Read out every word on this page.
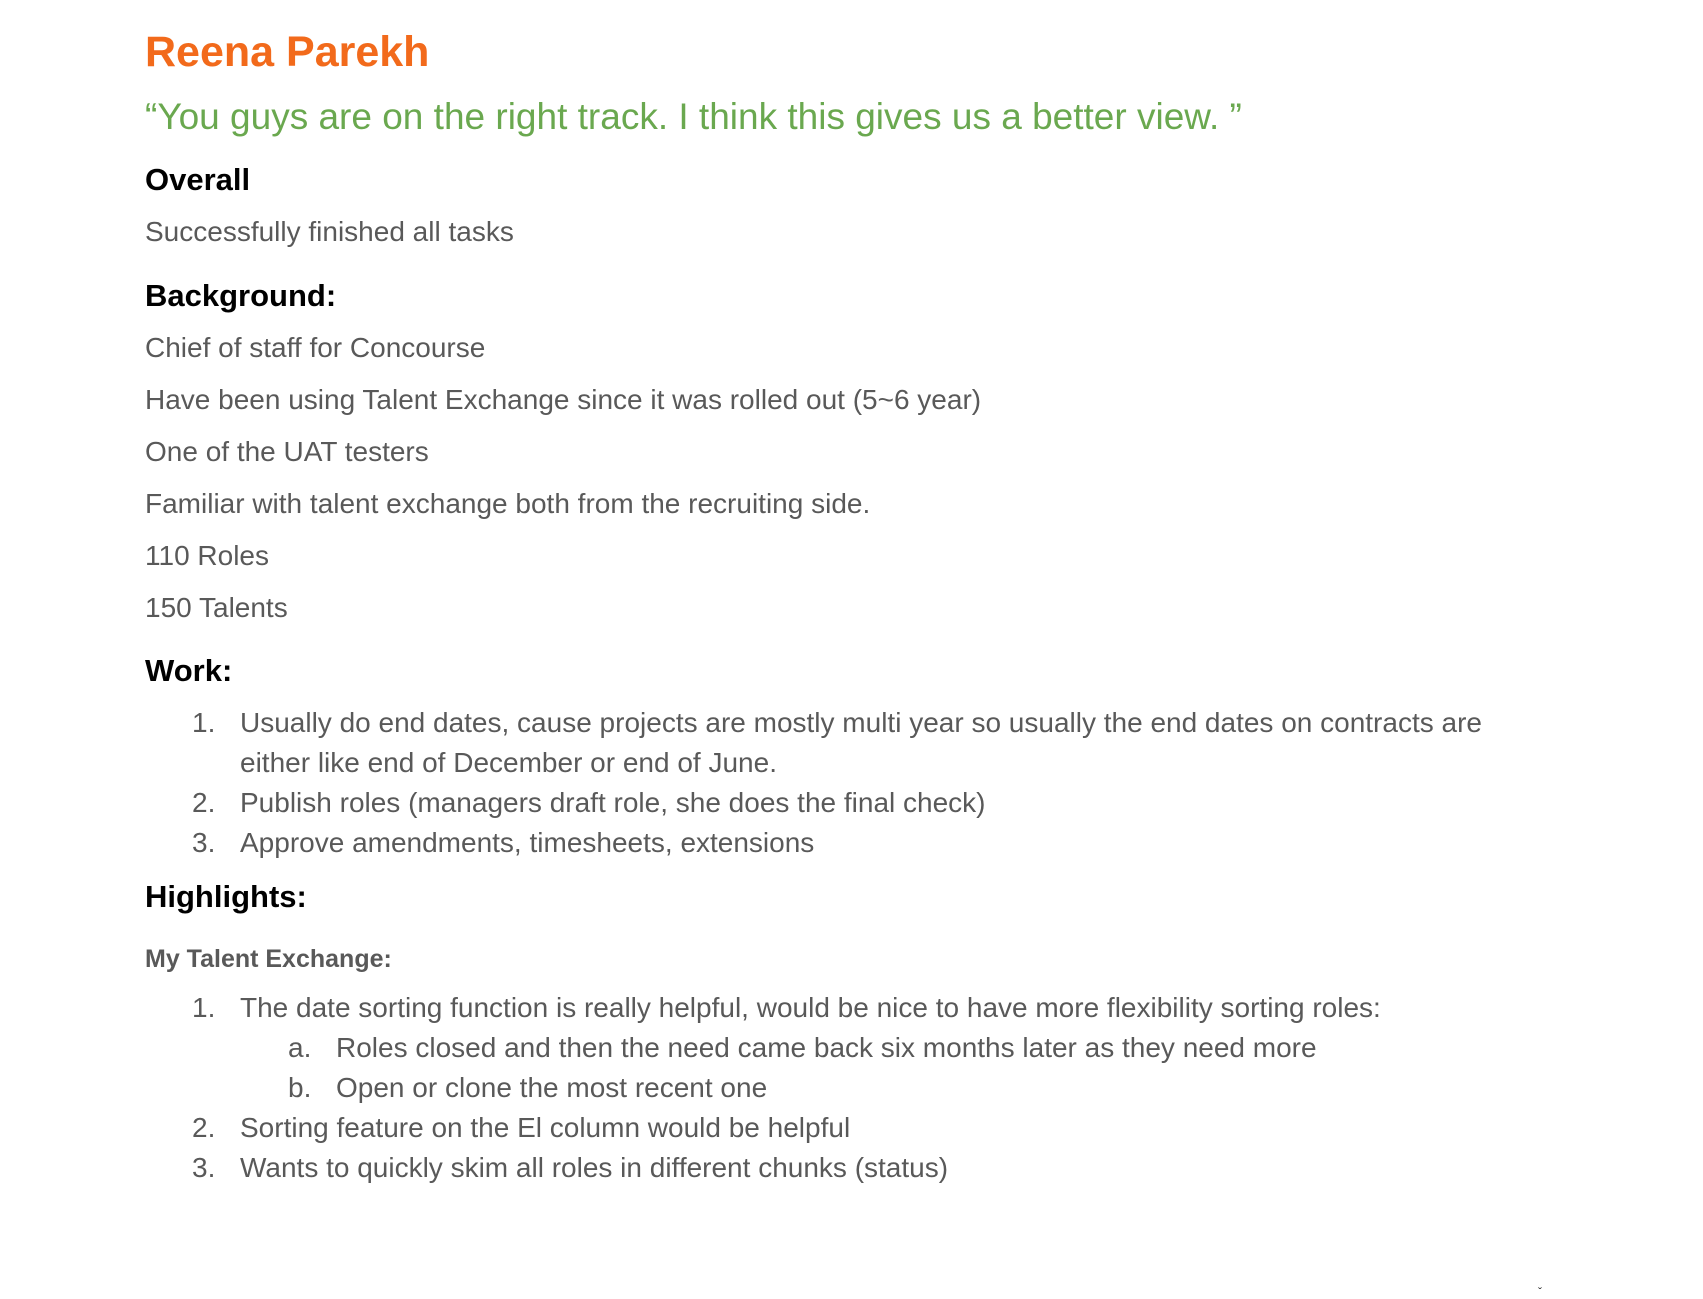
Reena Parekh

“You guys are on the right track. I think this gives us a better view. ”

Overall

Successfully finished all tasks

Background:

Chief of staff for Concourse

Have been using Talent Exchange since it was rolled out (5~6 year)

One of the UAT testers

Familiar with talent exchange both from the recruiting side.

110 Roles

150 Talents

Work:
1. Usually do end dates, cause projects are mostly multi year so usually the end dates on contracts are either like end of December or end of June.
2. Publish roles (managers draft role, she does the final check)
3. Approve amendments, timesheets, extensions
Highlights:
My Talent Exchange:
1. The date sorting function is really helpful, would be nice to have more flexibility sorting roles:
a. Roles closed and then the need came back six months later as they need more
b. Open or clone the most recent one
2. Sorting feature on the El column would be helpful
3. Wants to quickly skim all roles in different chunks (status)
ˇ
